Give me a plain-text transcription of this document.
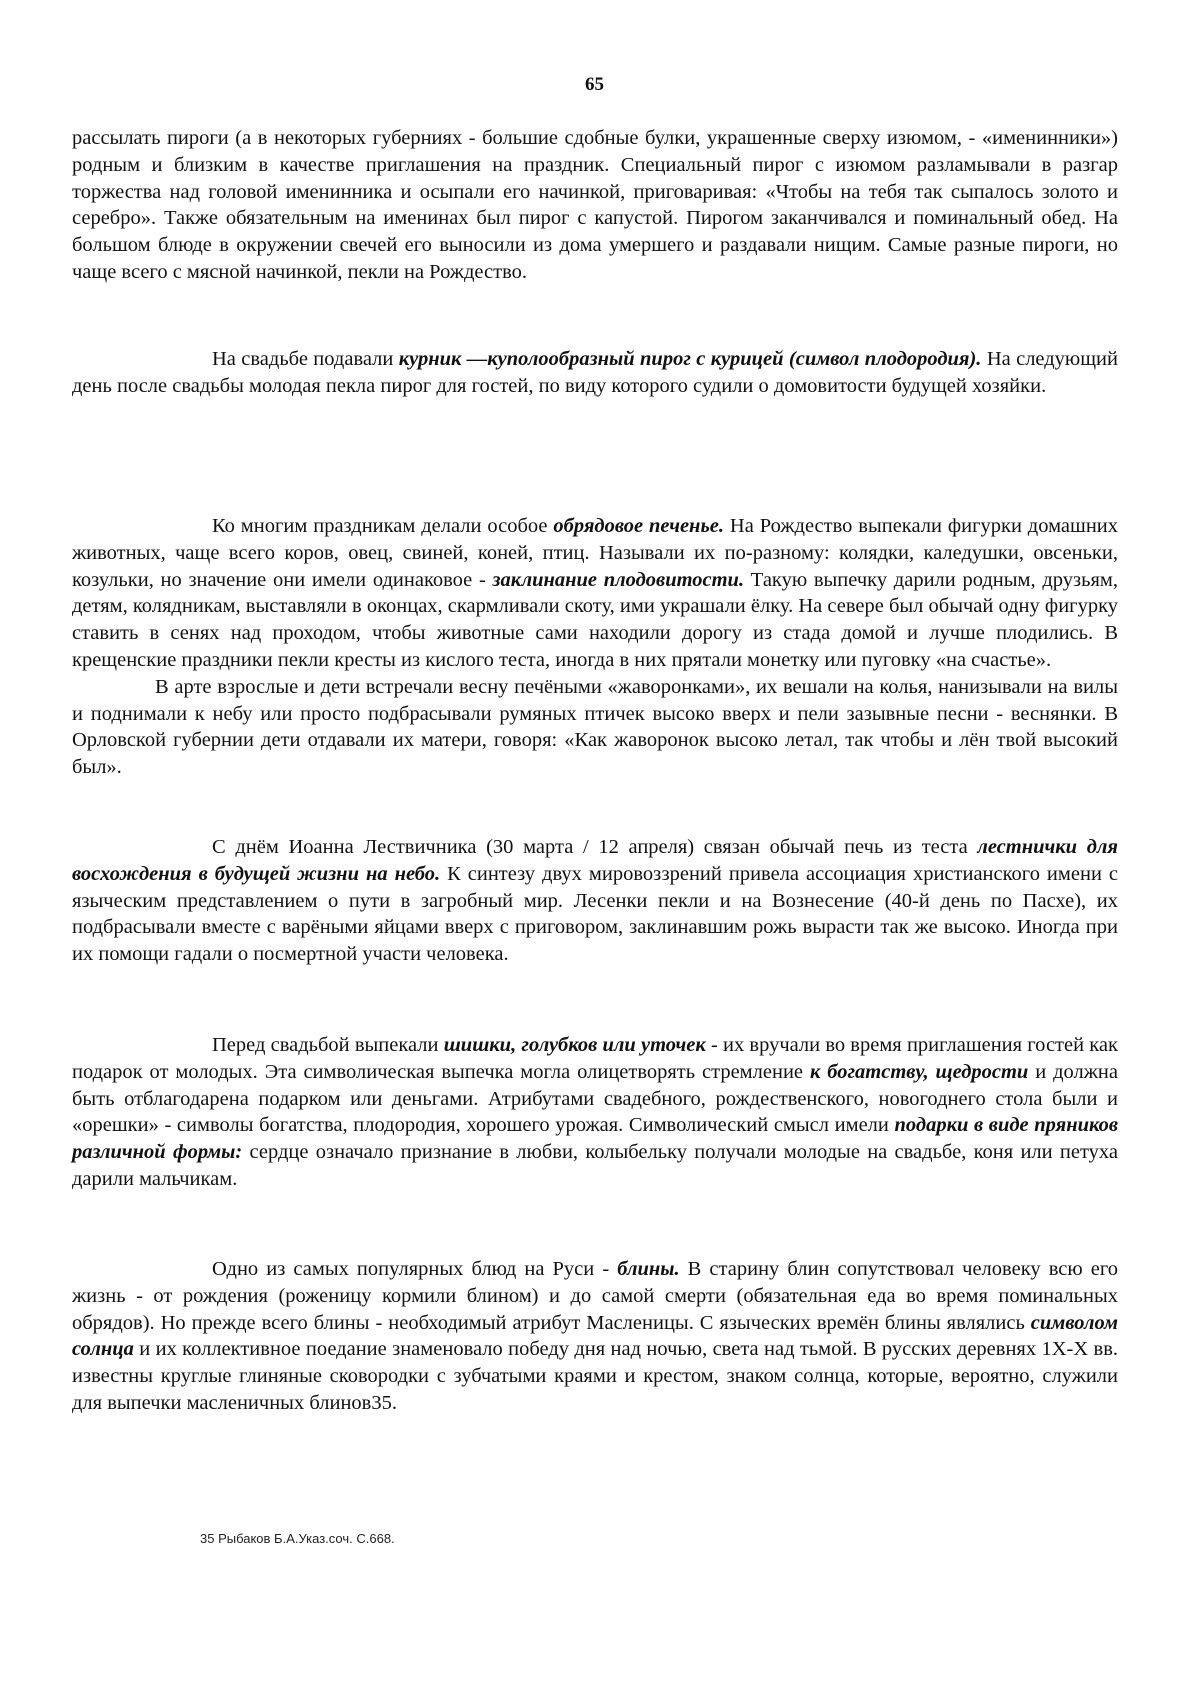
65

рассылать пироги (а в некоторых губерниях - большие сдобные булки, украшенные сверху изюмом, - «именинники») родным и близким в качестве приглашения на праздник. Специальный пирог с изюмом разламывали в разгар торжества над головой именинника и осыпали его начинкой, приговаривая: «Чтобы на тебя так сыпалось золото и серебро». Также обязательным на именинах был пирог с капустой. Пирогом заканчивался и поминальный обед. На большом блюде в окружении свечей его выносили из дома умершего и раздавали нищим. Самые разные пироги, но чаще всего с мясной начинкой, пекли на Рождество.

На свадьбе подавали курник —куполообразный пирог с курицей (символ плодородия). На следующий день после свадьбы молодая пекла пирог для гостей, по виду которого судили о домовитости будущей хозяйки.

Ко многим праздникам делали особое обрядовое печенье. На Рождество выпекали фигурки домашних животных, чаще всего коров, овец, свиней, коней, птиц. Называли их по-разному: колядки, каледушки, овсеньки, козульки, но значение они имели одинаковое - заклинание плодовитости. Такую выпечку дарили родным, друзьям, детям, колядникам, выставляли в оконцах, скармливали скоту, ими украшали ёлку. На севере был обычай одну фигурку ставить в сенях над проходом, чтобы животные сами находили дорогу из стада домой и лучше плодились. В крещенские праздники пекли кресты из кислого теста, иногда в них прятали монетку или пуговку «на счастье».

В арте взрослые и дети встречали весну печёными «жаворонками», их вешали на колья, нанизывали на вилы и поднимали к небу или просто подбрасывали румяных птичек высоко вверх и пели зазывные песни - веснянки. В Орловской губернии дети отдавали их матери, говоря: «Как жаворонок высоко летал, так чтобы и лён твой высокий был».

С днём Иоанна Лествичника (30 марта / 12 апреля) связан обычай печь из теста лестнички для восхождения в будущей жизни на небо. К синтезу двух мировоззрений привела ассоциация христианского имени с языческим представлением о пути в загробный мир. Лесенки пекли и на Вознесение (40-й день по Пасхе), их подбрасывали вместе с варёными яйцами вверх с приговором, заклинавшим рожь вырасти так же высоко. Иногда при их помощи гадали о посмертной участи человека.

Перед свадьбой выпекали шишки, голубков или уточек - их вручали во время приглашения гостей как подарок от молодых. Эта символическая выпечка могла олицетворять стремление к богатству, щедрости и должна быть отблагодарена подарком или деньгами. Атрибутами свадебного, рождественского, новогоднего стола были и «орешки» - символы богатства, плодородия, хорошего урожая. Символический смысл имели подарки в виде пряников различной формы: сердце означало признание в любви, колыбельку получали молодые на свадьбе, коня или петуха дарили мальчикам.

Одно из самых популярных блюд на Руси - блины. В старину блин сопутствовал человеку всю его жизнь - от рождения (роженицу кормили блином) и до самой смерти (обязательная еда во время поминальных обрядов). Но прежде всего блины - необходимый атрибут Масленицы. С языческих времён блины являлись символом солнца и их коллективное поедание знаменовало победу дня над ночью, света над тьмой. В русских деревнях 1Х-Х вв. известны круглые глиняные сковородки с зубчатыми краями и крестом, знаком солнца, которые, вероятно, служили для выпечки масленичных блинов35.

35 Рыбаков Б.А.Указ.соч. С.668.
